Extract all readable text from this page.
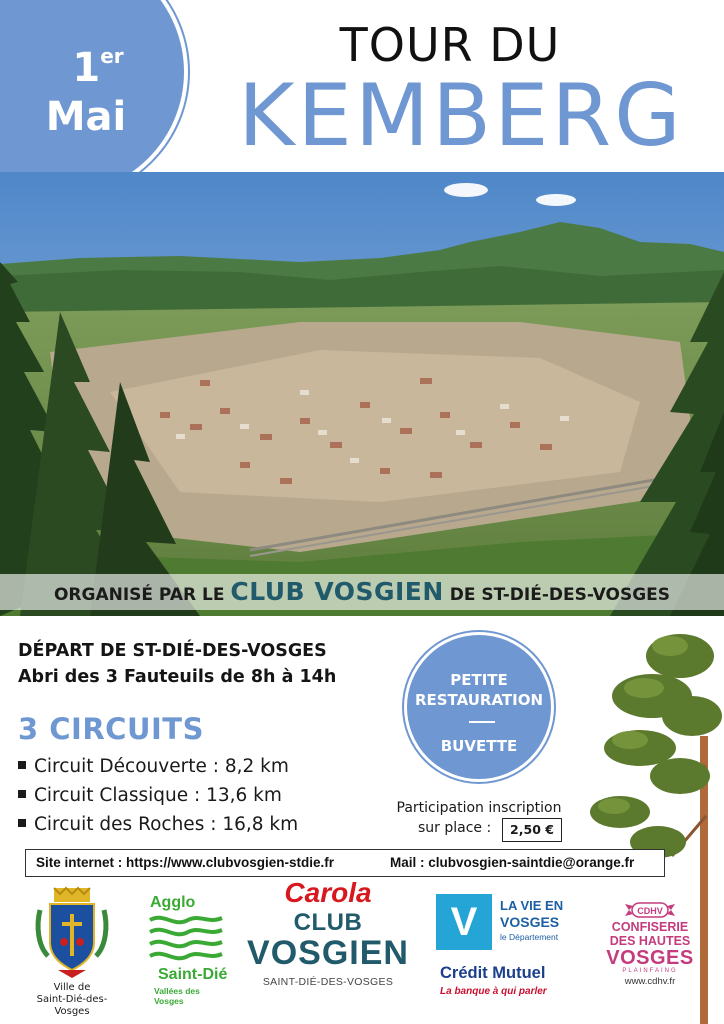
1er
Mai
TOUR DU
KEMBERG
ORGANISÉ PAR LE CLUB VOSGIEN DE ST-DIÉ-DES-VOSGES
DÉPART DE ST-DIÉ-DES-VOSGES
Abri des 3 Fauteuils de 8h à 14h
3 CIRCUITS
Circuit Découverte : 8,2 km
Circuit Classique : 13,6 km
Circuit des Roches : 16,8 km
PETITE
RESTAURATION
BUVETTE
Participation inscription
sur place :	2,50 €
Site internet : https://www.clubvosgien-stdie.fr	Mail : clubvosgien-saintdie@orange.fr
Ville de
Saint-Dié-des-Vosges
Agglo
Saint-Dié
Vallées des Vosges
Carola
CLUB
VOSGIEN
SAINT-DIÉ-DES-VOSGES
V	LA VIE EN
VOSGES
le Département
Crédit Mutuel
La banque à qui parler
CDHV
CONFISERIE
DES HAUTES
VOSGES
PLAINFAING
www.cdhv.fr
